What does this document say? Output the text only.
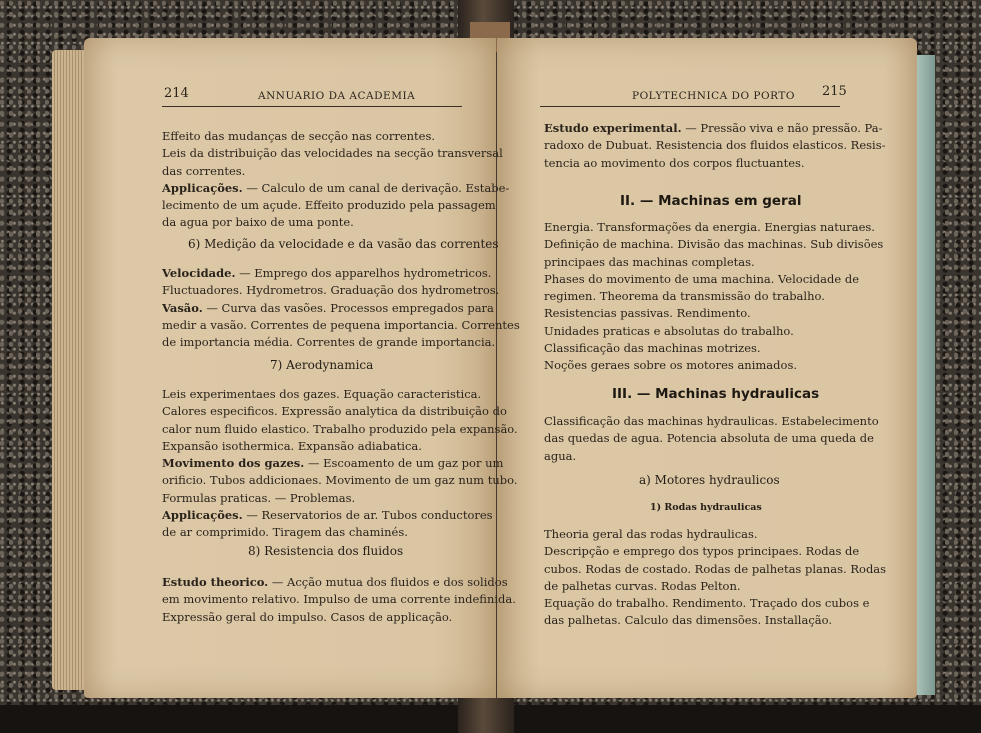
214	ANNUARIO DA ACADEMIA
Effeito das mudanças de secção nas correntes.
Leis da distribuição das velocidades na secção transversal
das correntes.
Applicações. — Calculo de um canal de derivação. Estabe-
lecimento de um açude. Effeito produzido pela passagem
da agua por baixo de uma ponte.
6) Medição da velocidade e da vasão das correntes
Velocidade. — Emprego dos apparelhos hydrometricos.
Fluctuadores. Hydrometros. Graduação dos hydrometros.
Vasão. — Curva das vasões. Processos empregados para
medir a vasão. Correntes de pequena importancia. Correntes
de importancia média. Correntes de grande importancia.
7) Aerodynamica
Leis experimentaes dos gazes. Equação caracteristica.
Calores especificos. Expressão analytica da distribuição do
calor num fluido elastico. Trabalho produzido pela expansão.
Expansão isothermica. Expansão adiabatica.
Movimento dos gazes. — Escoamento de um gaz por um
orificio. Tubos addicionaes. Movimento de um gaz num tubo.
Formulas praticas. — Problemas.
Applicações. — Reservatorios de ar. Tubos conductores
de ar comprimido. Tiragem das chaminés.
8) Resistencia dos fluidos
Estudo theorico. — Acção mutua dos fluidos e dos solidos
em movimento relativo. Impulso de uma corrente indefinida.
Expressão geral do impulso. Casos de applicação.
POLYTECHNICA DO PORTO 215
Estudo experimental. — Pressão viva e não pressão. Pa-
radoxo de Dubuat. Resistencia dos fluidos elasticos. Resis-
tencia ao movimento dos corpos fluctuantes.
II. — Machinas em geral
Energia. Transformações da energia. Energias naturaes.
Definição de machina. Divisão das machinas. Sub divisões
principaes das machinas completas.
Phases do movimento de uma machina. Velocidade de
regimen. Theorema da transmissão do trabalho.
Resistencias passivas. Rendimento.
Unidades praticas e absolutas do trabalho.
Classificação das machinas motrizes.
Noções geraes sobre os motores animados.
III. — Machinas hydraulicas
Classificação das machinas hydraulicas. Estabelecimento
das quedas de agua. Potencia absoluta de uma queda de
agua.
a) Motores hydraulicos
1) Rodas hydraulicas
Theoria geral das rodas hydraulicas.
Descripção e emprego dos typos principaes. Rodas de
cubos. Rodas de costado. Rodas de palhetas planas. Rodas
de palhetas curvas. Rodas Pelton.
Equação do trabalho. Rendimento. Traçado dos cubos e
das palhetas. Calculo das dimensões. Installação.
